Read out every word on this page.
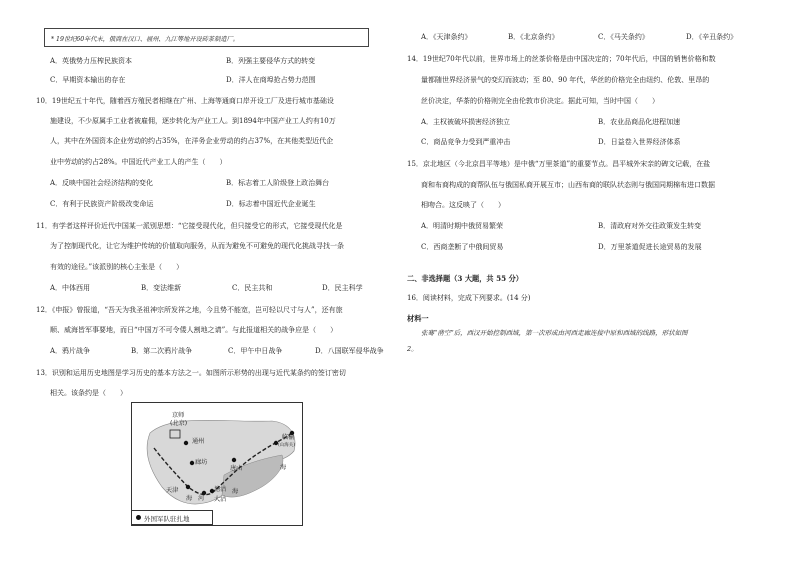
* 19世纪60年代末，俄商在汉口、福州、九江等地开设砖茶制造厂。
A．英俄势力压榨民族资本	B．列强主要侵华方式的转变
C．早期资本输出的存在	D．洋人在商埠抢占势力范围
10．19世纪五十年代，随着西方殖民者相继在广州、上海等通商口岸开设工厂及进行城市基础设
施建设，不少原属手工业者被雇佣，逐步转化为产业工人。到1894年中国产业工人约有10万
人，其中在外国资本企业劳动的约占35%，在洋务企业劳动的约占37%，在其他类型近代企
业中劳动的约占28%。中国近代产业工人的产生（　　）
A．反映中国社会经济结构的变化	B．标志着工人阶级登上政治舞台
C．有利于民族资产阶级改变命运	D．标志着中国近代企业诞生
11．有学者这样评价近代中国某一派别思想：“它接受现代化，但只接受它的形式，它接受现代化是
为了控制现代化，让它为维护传统的价值取向服务，从而为避免不可避免的现代化挑战寻找一条
有效的途径。”该派别的核心主张是（　　）
A．中体西用	B．变法维新	C．民主共和	D．民主科学
12．《申报》曾报道，“吾天为我圣祖神宗所发祥之地，今且势不能宽，岂可轻以尺寸与人”，还有旅
顺、威海皆军事要地，而日“中国万不可令倭人割地之请”。与此报道相关的战争应是（　　）
A．鸦片战争	B．第二次鸦片战争	C．甲午中日战争	D．八国联军侵华战争
13．识别和运用历史地图是学习历史的基本方法之一。如图所示形势的出现与近代某条约的签订密切
相关。该条约是（　　）
京师
(北京)
通州
廊坊
唐山
天津
海 河
塘沽
大沽
海
临榆
(山海关)
海
外国军队驻扎地
A．《天津条约》	B．《北京条约》	C．《马关条约》	D．《辛丑条约》
14．19世纪70年代以前，世界市场上的丝茶价格是由中国决定的；70年代后，中国的销售价格和数
量都随世界经济景气的变幻而波动；至 80、90 年代，华丝的价格完全由纽约、伦敦、里昂的
丝价决定，华茶的价格则完全由伦敦市价决定。据此可知，当时中国（　　）
A．主权被破坏损害经济独立	B．农业品商品化进程加速
C．商品竞争力受到严重冲击	D．日益卷入世界经济体系
15．京北地区（今北京昌平等地）是中俄“万里茶道”的重要节点。昌平城外宋亲的碑文记载，在盐
商和布商构成的商帮队伍与俄国私商开展互市；山西布商的联队状态则与俄国同期棉布进口数据
相吻合。这反映了（　　）
A．明清时期中俄贸易繁荣	B．清政府对外交往政策发生转变
C．西商垄断了中俄间贸易	D．万里茶道促进长途贸易的发展
二、非选择题（3 大题，共 55 分）
16．阅读材料，完成下列要求。(14 分)
材料一
张骞“凿空”后，西汉开始控制西域，第一次形成由河西走廊连接中原和西域的线路，形状如图
2。
